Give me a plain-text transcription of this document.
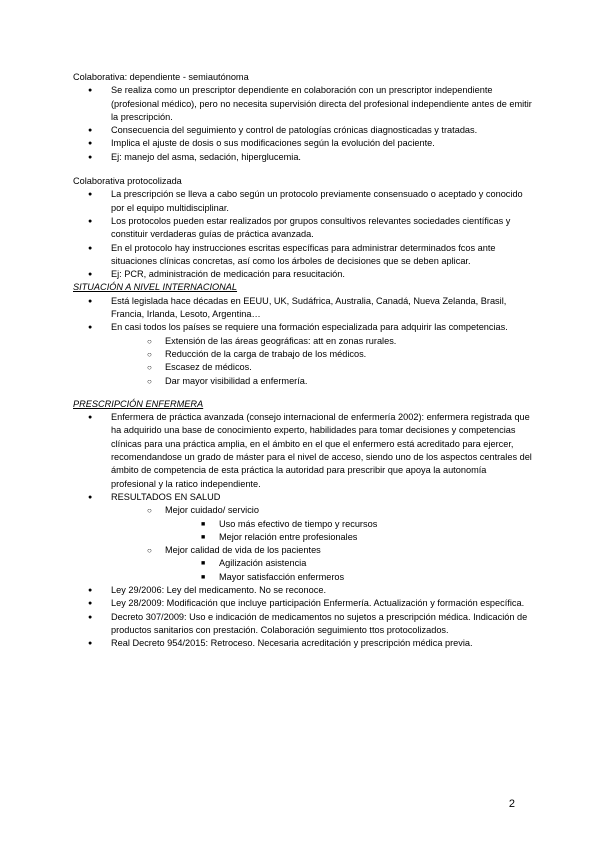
Colaborativa: dependiente - semiautónoma
● Se realiza como un prescriptor dependiente en colaboración con un prescriptor independiente (profesional médico), pero no necesita supervisión directa del profesional independiente antes de emitir la prescripción.
● Consecuencia del seguimiento y control de patologías crónicas diagnosticadas y tratadas.
● Implica el ajuste de dosis o sus modificaciones según la evolución del paciente.
● Ej: manejo del asma, sedación, hiperglucemia.
Colaborativa protocolizada
● La prescripción se lleva a cabo según un protocolo previamente consensuado o aceptado y conocido por el equipo multidisciplinar.
● Los protocolos pueden estar realizados por grupos consultivos relevantes sociedades científicas y constituir verdaderas guías de práctica avanzada.
● En el protocolo hay instrucciones escritas específicas para administrar determinados fcos ante situaciones clínicas concretas, así como los árboles de decisiones que se deben aplicar.
● Ej: PCR, administración de medicación para resucitación.
SITUACIÓN A NIVEL INTERNACIONAL
● Está legislada hace décadas en EEUU, UK, Sudáfrica, Australia, Canadá, Nueva Zelanda, Brasil, Francia, Irlanda, Lesoto, Argentina…
● En casi todos los países se requiere una formación especializada para adquirir las competencias.
○ Extensión de las áreas geográficas: att en zonas rurales.
○ Reducción de la carga de trabajo de los médicos.
○ Escasez de médicos.
○ Dar mayor visibilidad a enfermería.
PRESCRIPCIÓN ENFERMERA
● Enfermera de práctica avanzada (consejo internacional de enfermería 2002): enfermera registrada que ha adquirido una base de conocimiento experto, habilidades para tomar decisiones y competencias clínicas para una práctica amplia, en el ámbito en el que el enfermero está acreditado para ejercer, recomendandose un grado de máster para el nivel de acceso, siendo uno de los aspectos centrales del ámbito de competencia de esta práctica la autoridad para prescribir que apoya la autonomía profesional y la ratico independiente.
● RESULTADOS EN SALUD
○ Mejor cuidado/ servicio
■ Uso más efectivo de tiempo y recursos
■ Mejor relación entre profesionales
○ Mejor calidad de vida de los pacientes
■ Agilización asistencia
■ Mayor satisfacción enfermeros
● Ley 29/2006: Ley del medicamento. No se reconoce.
● Ley 28/2009: Modificación que incluye participación Enfermería. Actualización y formación específica.
● Decreto 307/2009: Uso e indicación de medicamentos no sujetos a prescripción médica. Indicación de productos sanitarios con prestación. Colaboración seguimiento ttos protocolizados.
● Real Decreto 954/2015: Retroceso. Necesaria acreditación y prescripción médica previa.
2
